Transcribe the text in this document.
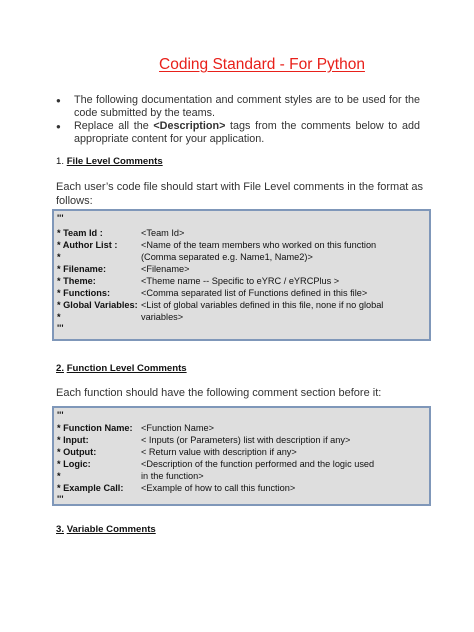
Coding Standard - For Python
● The following documentation and comment styles are to be used for the code submitted by the teams.
● Replace all the <Description> tags from the comments below to add appropriate content for your application.
1. File Level Comments
Each user’s code file should start with File Level comments in the format as follows:
'''
* Team Id :	<Team Id>
* Author List :	<Name of the team members who worked on this function
*	(Comma separated e.g. Name1, Name2)>
* Filename:	<Filename>
* Theme:	<Theme name -- Specific to eYRC / eYRCPlus >
* Functions:	<Comma separated list of Functions defined in this file>
* Global Variables: <List of global variables defined in this file, none if no global
*	variables>
'''
2. Function Level Comments
Each function should have the following comment section before it:
'''
* Function Name: <Function Name>
* Input:	< Inputs (or Parameters) list with description if any>
* Output:	< Return value with description if any>
* Logic:	<Description of the function performed and the logic used
*	in the function>
* Example Call: <Example of how to call this function>
'''
3. Variable Comments
